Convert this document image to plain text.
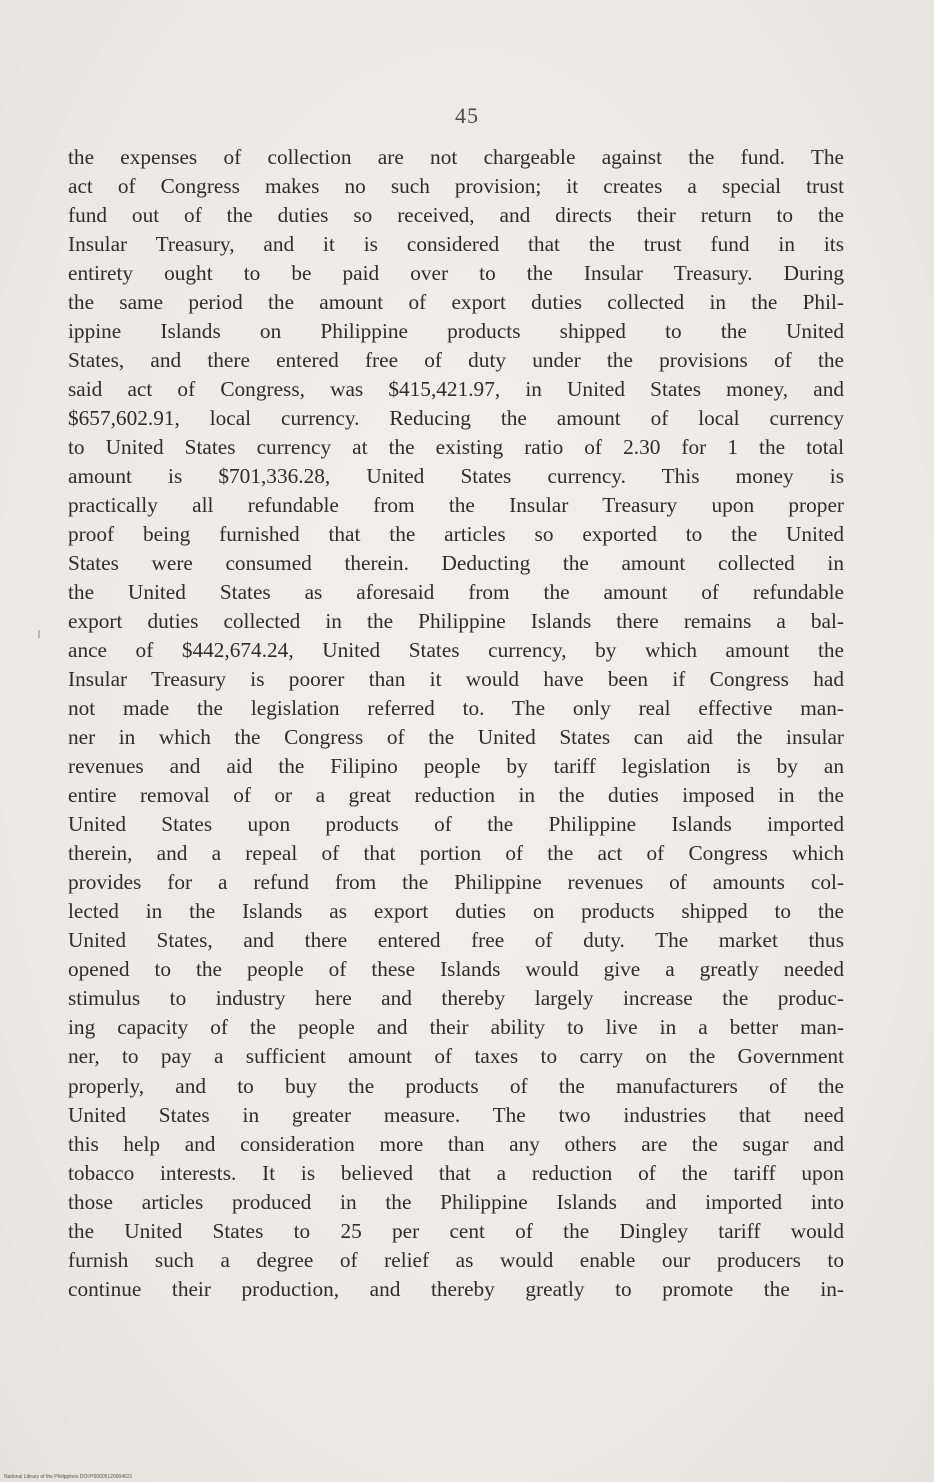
45
the expenses of collection are not chargeable against the fund. The
act of Congress makes no such provision; it creates a special trust
fund out of the duties so received, and directs their return to the
Insular Treasury, and it is considered that the trust fund in its
entirety ought to be paid over to the Insular Treasury. During
the same period the amount of export duties collected in the Phil-
ippine Islands on Philippine products shipped to the United
States, and there entered free of duty under the provisions of the
said act of Congress, was $415,421.97, in United States money, and
$657,602.91, local currency. Reducing the amount of local currency
to United States currency at the existing ratio of 2.30 for 1 the total
amount is $701,336.28, United States currency. This money is
practically all refundable from the Insular Treasury upon proper
proof being furnished that the articles so exported to the United
States were consumed therein. Deducting the amount collected in
the United States as aforesaid from the amount of refundable
export duties collected in the Philippine Islands there remains a bal-
ance of $442,674.24, United States currency, by which amount the
Insular Treasury is poorer than it would have been if Congress had
not made the legislation referred to. The only real effective man-
ner in which the Congress of the United States can aid the insular
revenues and aid the Filipino people by tariff legislation is by an
entire removal of or a great reduction in the duties imposed in the
United States upon products of the Philippine Islands imported
therein, and a repeal of that portion of the act of Congress which
provides for a refund from the Philippine revenues of amounts col-
lected in the Islands as export duties on products shipped to the
United States, and there entered free of duty. The market thus
opened to the people of these Islands would give a greatly needed
stimulus to industry here and thereby largely increase the produc-
ing capacity of the people and their ability to live in a better man-
ner, to pay a sufficient amount of taxes to carry on the Government
properly, and to buy the products of the manufacturers of the
United States in greater measure. The two industries that need
this help and consideration more than any others are the sugar and
tobacco interests. It is believed that a reduction of the tariff upon
those articles produced in the Philippine Islands and imported into
the United States to 25 per cent of the Dingley tariff would
furnish such a degree of relief as would enable our producers to
continue their production, and thereby greatly to promote the in-
National Library of the Philippines DOI:P00005120004631
